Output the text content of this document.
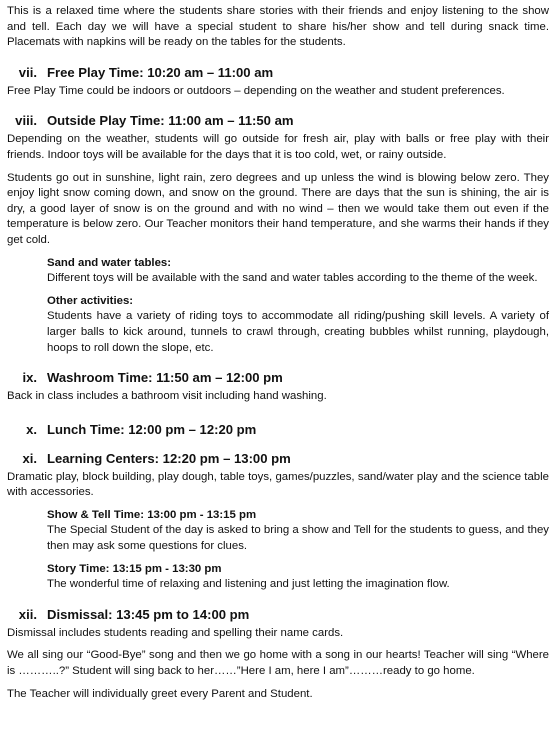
This is a relaxed time where the students share stories with their friends and enjoy listening to the show and tell. Each day we will have a special student to share his/her show and tell during snack time. Placemats with napkins will be ready on the tables for the students.

vii. Free Play Time: 10:20 am – 11:00 am

Free Play Time could be indoors or outdoors – depending on the weather and student preferences.

viii. Outside Play Time: 11:00 am – 11:50 am

Depending on the weather, students will go outside for fresh air, play with balls or free play with their friends. Indoor toys will be available for the days that it is too cold, wet, or rainy outside.

Students go out in sunshine, light rain, zero degrees and up unless the wind is blowing below zero. They enjoy light snow coming down, and snow on the ground. There are days that the sun is shining, the air is dry, a good layer of snow is on the ground and with no wind – then we would take them out even if the temperature is below zero. Our Teacher monitors their hand temperature, and she warms their hands if they get cold.

Sand and water tables:

Different toys will be available with the sand and water tables according to the theme of the week.

Other activities:

Students have a variety of riding toys to accommodate all riding/pushing skill levels. A variety of larger balls to kick around, tunnels to crawl through, creating bubbles whilst running, playdough, hoops to roll down the slope, etc.

ix. Washroom Time: 11:50 am – 12:00 pm

Back in class includes a bathroom visit including hand washing.

x. Lunch Time: 12:00 pm – 12:20 pm
xi. Learning Centers: 12:20 pm – 13:00 pm

Dramatic play, block building, play dough, table toys, games/puzzles, sand/water play and the science table with accessories.

Show & Tell Time: 13:00 pm - 13:15 pm

The Special Student of the day is asked to bring a show and Tell for the students to guess, and they then may ask some questions for clues.

Story Time: 13:15 pm - 13:30 pm

The wonderful time of relaxing and listening and just letting the imagination flow.

xii. Dismissal: 13:45 pm to 14:00 pm

Dismissal includes students reading and spelling their name cards.

We all sing our “Good-Bye” song and then we go home with a song in our hearts! Teacher will sing “Where is ………..?” Student will sing back to her……”Here I am, here I am”………ready to go home.

The Teacher will individually greet every Parent and Student.
